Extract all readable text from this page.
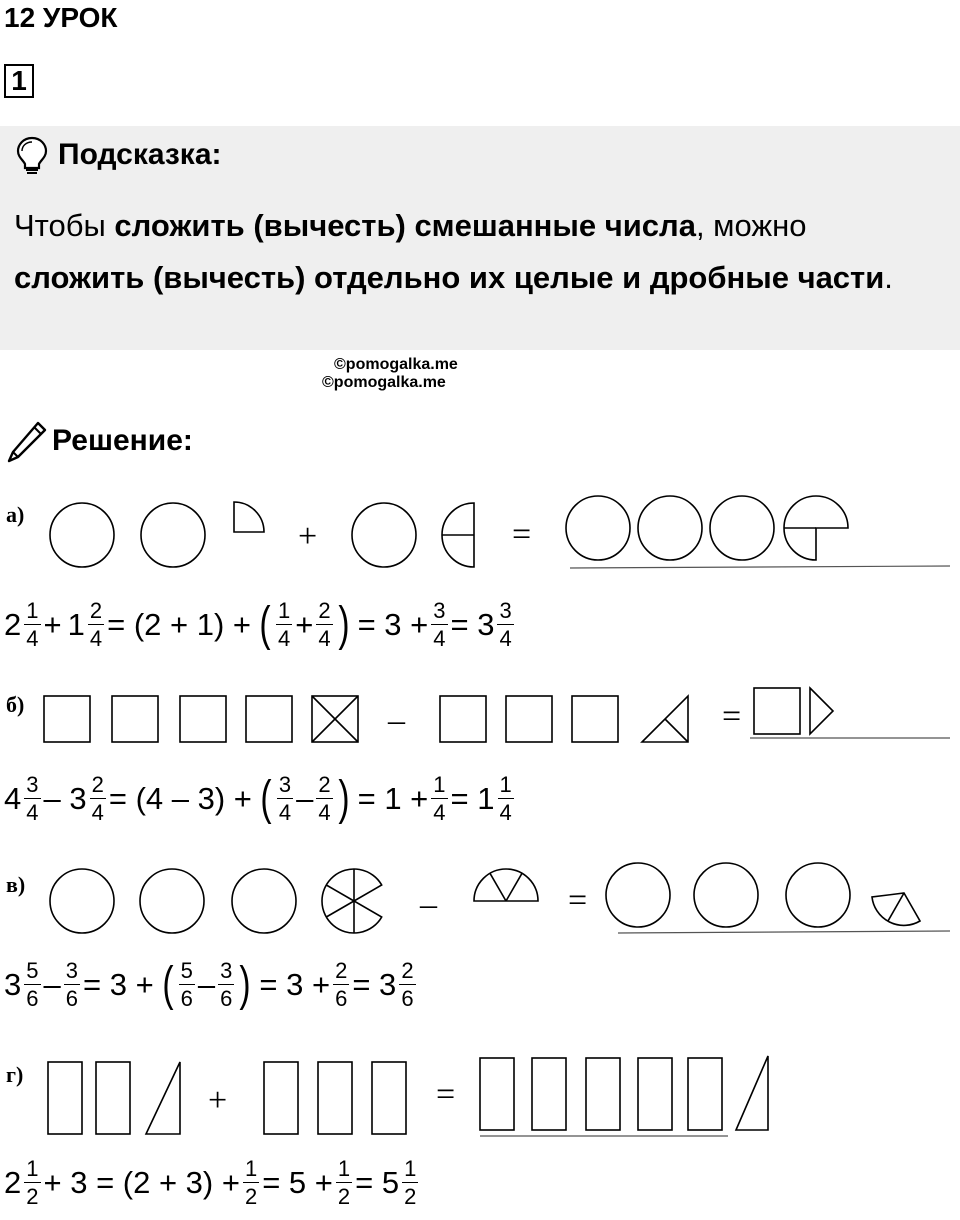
12 УРОК
1
Подсказка:
Чтобы сложить (вычесть) смешанные числа, можно
сложить (вычесть) отдельно их целые и дробные части.
©pomogalka.me
©pomogalka.me
Решение:
а)
+	=
$2 \frac{1}{4} + 1 \frac{2}{4} = (2 + 1)$ + ( $\frac{1}{4} + \frac{2}{4}$ ) = $3 + \frac{3}{4} = 3 \frac{3}{4}$
б)	–	=
$4 \frac{3}{4} - 3 \frac{2}{4} = (4 - 3)$ + ( $\frac{3}{4} - \frac{2}{4}$ ) = $1 + \frac{1}{4} = 1 \frac{1}{4}$
в)
–	=
$3 \frac{5}{6} - \frac{3}{6} = 3$ + ( $\frac{5}{6} - \frac{3}{6}$ ) = $3 + \frac{2}{6} = 3 \frac{2}{6}$
г)
+	=
$2 \frac{1}{2} + 3 = (2 + 3) + \frac{1}{2} = 5 + \frac{1}{2} = 5 \frac{1}{2}$
